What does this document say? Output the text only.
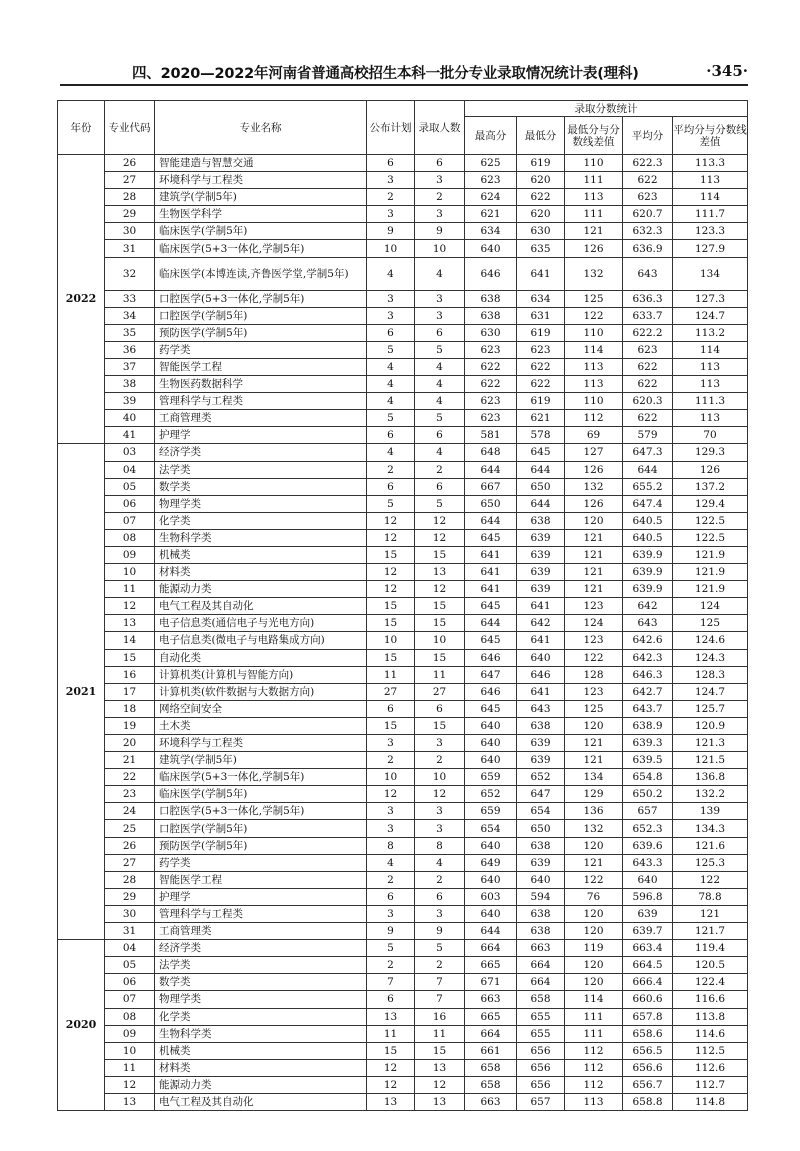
四、2020—2022年河南省普通高校招生本科一批分专业录取情况统计表(理科)	·345·
年份	专业代码	专业名称	公布计划	录取人数	录取分数统计				
					最高分	最低分	最低分与分数线差值	平均分	平均分与分数线差值
2022	26	智能建造与智慧交通	6	6	625	619	110	622.3	113.3
	27	环境科学与工程类	3	3	623	620	111	622	113
	28	建筑学(学制5年)	2	2	624	622	113	623	114
	29	生物医学科学	3	3	621	620	111	620.7	111.7
	30	临床医学(学制5年)	9	9	634	630	121	632.3	123.3
	31	临床医学(5+3一体化,学制5年)	10	10	640	635	126	636.9	127.9
	32	临床医学(本博连读,齐鲁医学堂,学制5年)	4	4	646	641	132	643	134
	33	口腔医学(5+3一体化,学制5年)	3	3	638	634	125	636.3	127.3
	34	口腔医学(学制5年)	3	3	638	631	122	633.7	124.7
	35	预防医学(学制5年)	6	6	630	619	110	622.2	113.2
	36	药学类	5	5	623	623	114	623	114
	37	智能医学工程	4	4	622	622	113	622	113
	38	生物医药数据科学	4	4	622	622	113	622	113
	39	管理科学与工程类	4	4	623	619	110	620.3	111.3
	40	工商管理类	5	5	623	621	112	622	113
	41	护理学	6	6	581	578	69	579	70
2021	03	经济学类	4	4	648	645	127	647.3	129.3
	04	法学类	2	2	644	644	126	644	126
	05	数学类	6	6	667	650	132	655.2	137.2
	06	物理学类	5	5	650	644	126	647.4	129.4
	07	化学类	12	12	644	638	120	640.5	122.5
	08	生物科学类	12	12	645	639	121	640.5	122.5
	09	机械类	15	15	641	639	121	639.9	121.9
	10	材料类	12	13	641	639	121	639.9	121.9
	11	能源动力类	12	12	641	639	121	639.9	121.9
	12	电气工程及其自动化	15	15	645	641	123	642	124
	13	电子信息类(通信电子与光电方向)	15	15	644	642	124	643	125
	14	电子信息类(微电子与电路集成方向)	10	10	645	641	123	642.6	124.6
	15	自动化类	15	15	646	640	122	642.3	124.3
	16	计算机类(计算机与智能方向)	11	11	647	646	128	646.3	128.3
	17	计算机类(软件数据与大数据方向)	27	27	646	641	123	642.7	124.7
	18	网络空间安全	6	6	645	643	125	643.7	125.7
	19	土木类	15	15	640	638	120	638.9	120.9
	20	环境科学与工程类	3	3	640	639	121	639.3	121.3
	21	建筑学(学制5年)	2	2	640	639	121	639.5	121.5
	22	临床医学(5+3一体化,学制5年)	10	10	659	652	134	654.8	136.8
	23	临床医学(学制5年)	12	12	652	647	129	650.2	132.2
	24	口腔医学(5+3一体化,学制5年)	3	3	659	654	136	657	139
	25	口腔医学(学制5年)	3	3	654	650	132	652.3	134.3
	26	预防医学(学制5年)	8	8	640	638	120	639.6	121.6
	27	药学类	4	4	649	639	121	643.3	125.3
	28	智能医学工程	2	2	640	640	122	640	122
	29	护理学	6	6	603	594	76	596.8	78.8
	30	管理科学与工程类	3	3	640	638	120	639	121
	31	工商管理类	9	9	644	638	120	639.7	121.7
2020	04	经济学类	5	5	664	663	119	663.4	119.4
	05	法学类	2	2	665	664	120	664.5	120.5
	06	数学类	7	7	671	664	120	666.4	122.4
	07	物理学类	6	7	663	658	114	660.6	116.6
	08	化学类	13	16	665	655	111	657.8	113.8
	09	生物科学类	11	11	664	655	111	658.6	114.6
	10	机械类	15	15	661	656	112	656.5	112.5
	11	材料类	12	13	658	656	112	656.6	112.6
	12	能源动力类	12	12	658	656	112	656.7	112.7
	13	电气工程及其自动化	13	13	663	657	113	658.8	114.8
